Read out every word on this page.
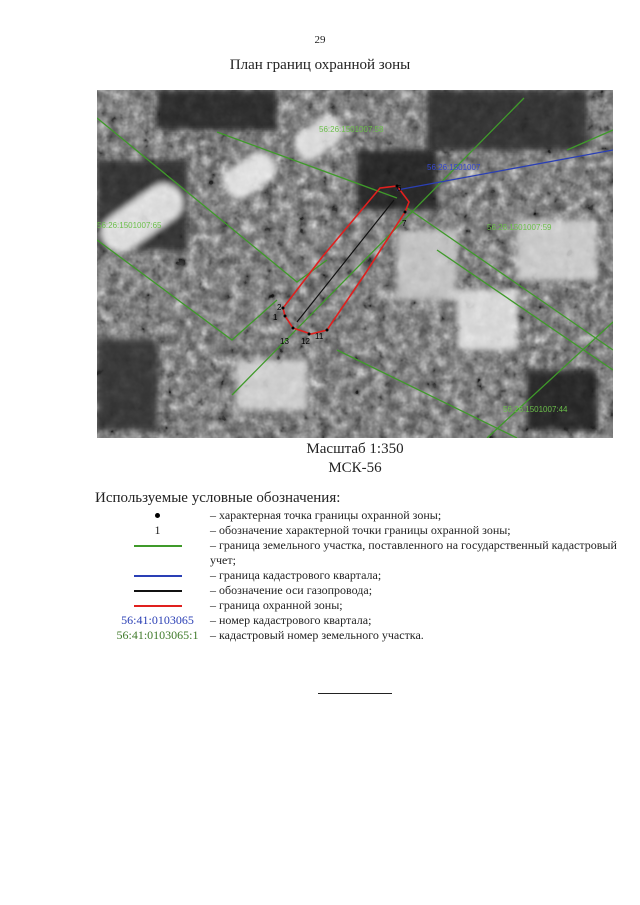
29
План границ охранной зоны
56:26:1501007:58
56:26:1501007
56:26:1501007:65	56:26:1501007:59
56:26:1501007:44
6
7
2
1
13 12
11
Масштаб 1:350
МСК-56
Используемые условные обозначения:
– характерная точка границы охранной зоны;
1	– обозначение характерной точки границы охранной зоны;
– граница земельного участка, поставленного на государственный кадастровый учет;
– граница кадастрового квартала;
– обозначение оси газопровода;
– граница охранной зоны;
56:41:0103065	– номер кадастрового квартала;
56:41:0103065:1 – кадастровый номер земельного участка.
